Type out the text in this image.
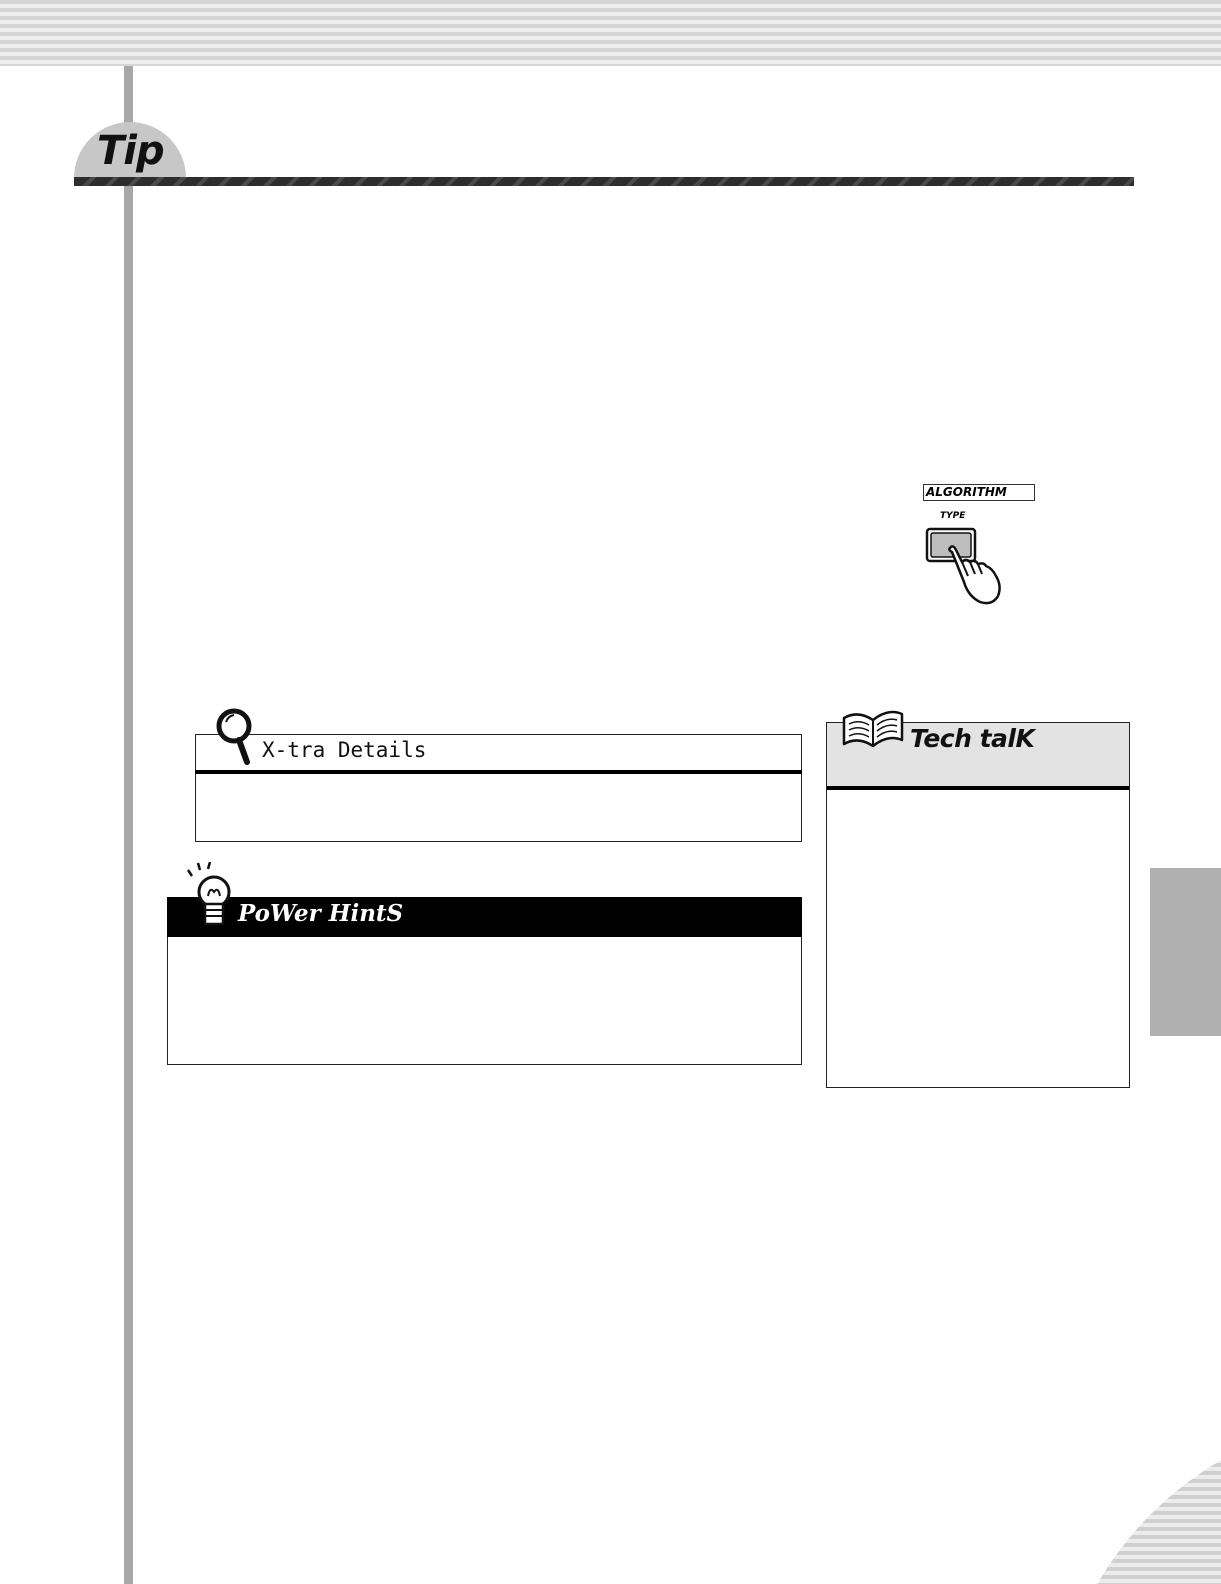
Tip
ALGORITHM
TYPE
X-tra Details
PoWer HintS
Tech talK
